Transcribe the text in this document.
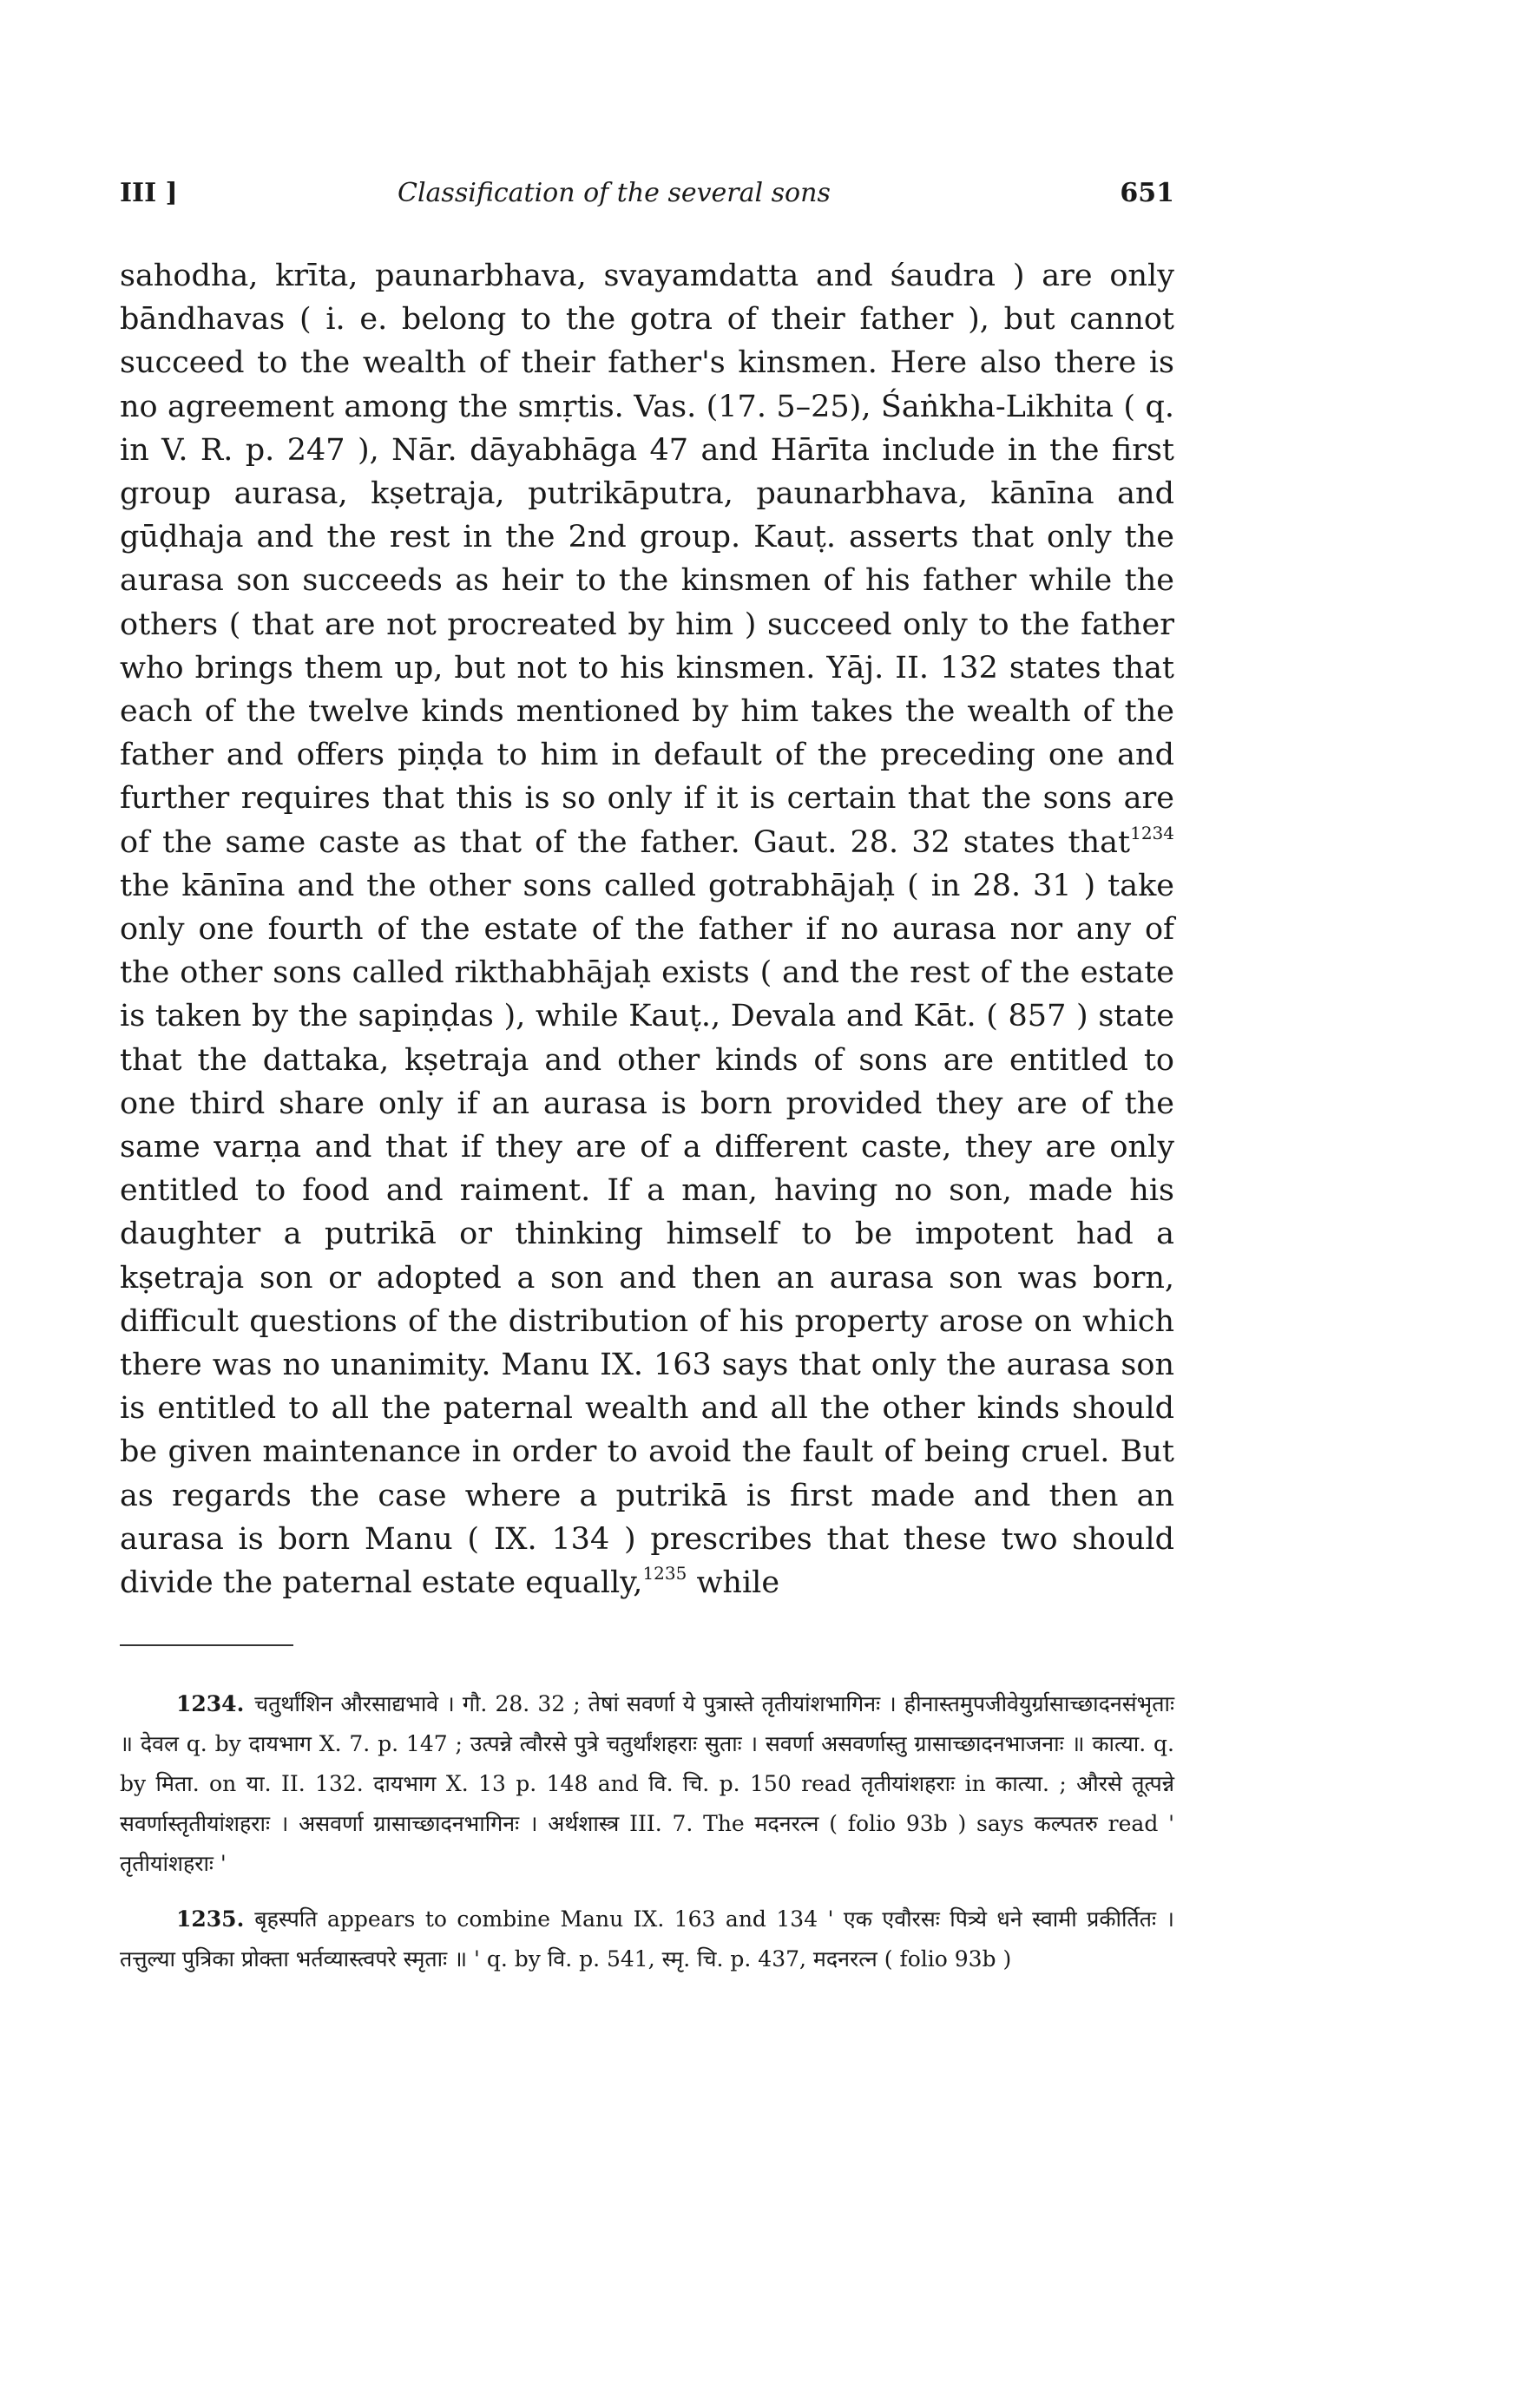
III ]	Classification of the several sons	651

sahodha, krīta, paunarbhava, svayamdatta and śaudra ) are only bāndhavas ( i. e. belong to the gotra of their father ), but cannot succeed to the wealth of their father's kinsmen. Here also there is no agreement among the smṛtis. Vas. (17. 5–25), Śaṅkha-Likhita ( q. in V. R. p. 247 ), Nār. dāyabhāga 47 and Hārīta include in the first group aurasa, kṣetraja, putrikāputra, paunarbhava, kānīna and gūḍhaja and the rest in the 2nd group. Kauṭ. asserts that only the aurasa son succeeds as heir to the kinsmen of his father while the others ( that are not procreated by him ) succeed only to the father who brings them up, but not to his kinsmen. Yāj. II. 132 states that each of the twelve kinds mentioned by him takes the wealth of the father and offers piṇḍa to him in default of the preceding one and further requires that this is so only if it is certain that the sons are of the same caste as that of the father. Gaut. 28. 32 states that$^{1234}$ the kānīna and the other sons called gotrabhājaḥ ( in 28. 31 ) take only one fourth of the estate of the father if no aurasa nor any of the other sons called rikthabhājaḥ exists ( and the rest of the estate is taken by the sapiṇḍas ), while Kauṭ., Devala and Kāt. ( 857 ) state that the dattaka, kṣetraja and other kinds of sons are entitled to one third share only if an aurasa is born provided they are of the same varṇa and that if they are of a different caste, they are only entitled to food and raiment. If a man, having no son, made his daughter a putrikā or thinking himself to be impotent had a kṣetraja son or adopted a son and then an aurasa son was born, difficult questions of the distribution of his property arose on which there was no unanimity. Manu IX. 163 says that only the aurasa son is entitled to all the paternal wealth and all the other kinds should be given maintenance in order to avoid the fault of being cruel. But as regards the case where a putrikā is first made and then an aurasa is born Manu ( IX. 134 ) prescribes that these two should divide the paternal estate equally,$^{1235}$ while

1234. चतुर्थांशिन औरसाद्यभावे । गौ. 28. 32 ; तेषां सवर्णा ये पुत्रास्ते तृतीयांशभागिनः । हीनास्तमुपजीवेयुर्ग्रासाच्छादनसंभृताः ॥ देवल q. by दायभाग X. 7. p. 147 ; उत्पन्ने त्वौरसे पुत्रे चतुर्थांशहराः सुताः । सवर्णा असवर्णास्तु ग्रासाच्छादनभाजनाः ॥ कात्या. q. by मिता. on या. II. 132. दायभाग X. 13 p. 148 and वि. चि. p. 150 read तृतीयांशहराः in कात्या. ; औरसे तूत्पन्ने सवर्णास्तृतीयांशहराः । असवर्णा ग्रासाच्छादनभागिनः । अर्थशास्त्र III. 7. The मदनरत्न ( folio 93b ) says कल्पतरु read ' तृतीयांशहराः '

1235. बृहस्पति appears to combine Manu IX. 163 and 134 ' एक एवौरसः पित्र्ये धने स्वामी प्रकीर्तितः । तत्तुल्या पुत्रिका प्रोक्ता भर्तव्यास्त्वपरे स्मृताः ॥ ' q. by वि. p. 541, स्मृ. चि. p. 437, मदनरत्न ( folio 93b )
